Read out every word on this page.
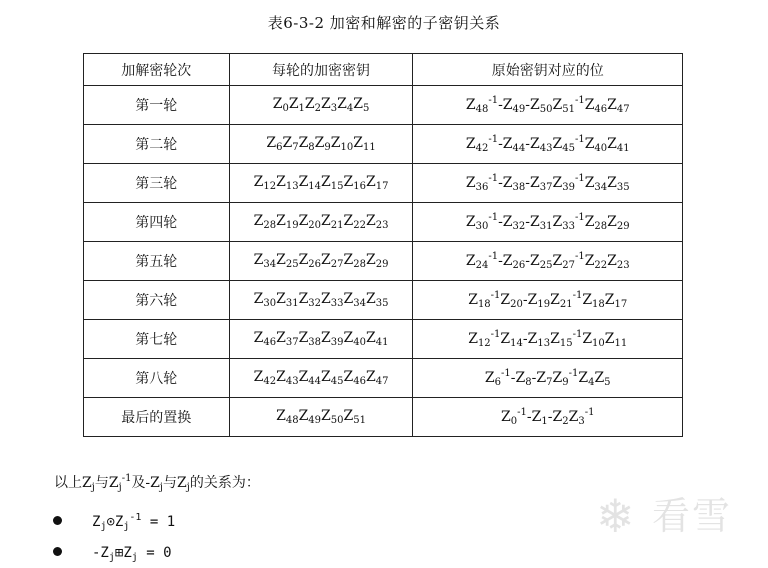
表6-3-2 加密和解密的子密钥关系
加解密轮次	每轮的加密密钥	原始密钥对应的位
第一轮	$Z_0Z_1Z_2Z_3Z_4Z_5$	$Z_{48}^{-1}-Z_{49}-Z_{50}Z_{51}^{-1}Z_{46}Z_{47}$
第二轮	$Z_6Z_7Z_8Z_9Z_{10}Z_{11}$	$Z_{42}^{-1}-Z_{44}-Z_{43}Z_{45}^{-1}Z_{40}Z_{41}$
第三轮	$Z_{12}Z_{13}Z_{14}Z_{15}Z_{16}Z_{17}$	$Z_{36}^{-1}-Z_{38}-Z_{37}Z_{39}^{-1}Z_{34}Z_{35}$
第四轮	$Z_{28}Z_{19}Z_{20}Z_{21}Z_{22}Z_{23}$	$Z_{30}^{-1}-Z_{32}-Z_{31}Z_{33}^{-1}Z_{28}Z_{29}$
第五轮	$Z_{34}Z_{25}Z_{26}Z_{27}Z_{28}Z_{29}$	$Z_{24}^{-1}-Z_{26}-Z_{25}Z_{27}^{-1}Z_{22}Z_{23}$
第六轮	$Z_{30}Z_{31}Z_{32}Z_{33}Z_{34}Z_{35}$	$Z_{18}^{-1}Z_{20}-Z_{19}Z_{21}^{-1}Z_{18}Z_{17}$
第七轮	$Z_{46}Z_{37}Z_{38}Z_{39}Z_{40}Z_{41}$	$Z_{12}^{-1}Z_{14}-Z_{13}Z_{15}^{-1}Z_{10}Z_{11}$
第八轮	$Z_{42}Z_{43}Z_{44}Z_{45}Z_{46}Z_{47}$	$Z_6^{-1}-Z_8-Z_7Z_9^{-1}Z_4Z_5$
最后的置换	$Z_{48}Z_{49}Z_{50}Z_{51}$	$Z_0^{-1}-Z_1-Z_2Z_3^{-1}$
以上$Z_j$与$Z_j^{-1}$及$-Z_j$与$Z_j$的关系为：
$Z_j⊙Z_j^{-1} = 1$
$-Z_j⊞Z_j = 0$
❄ 看雪
